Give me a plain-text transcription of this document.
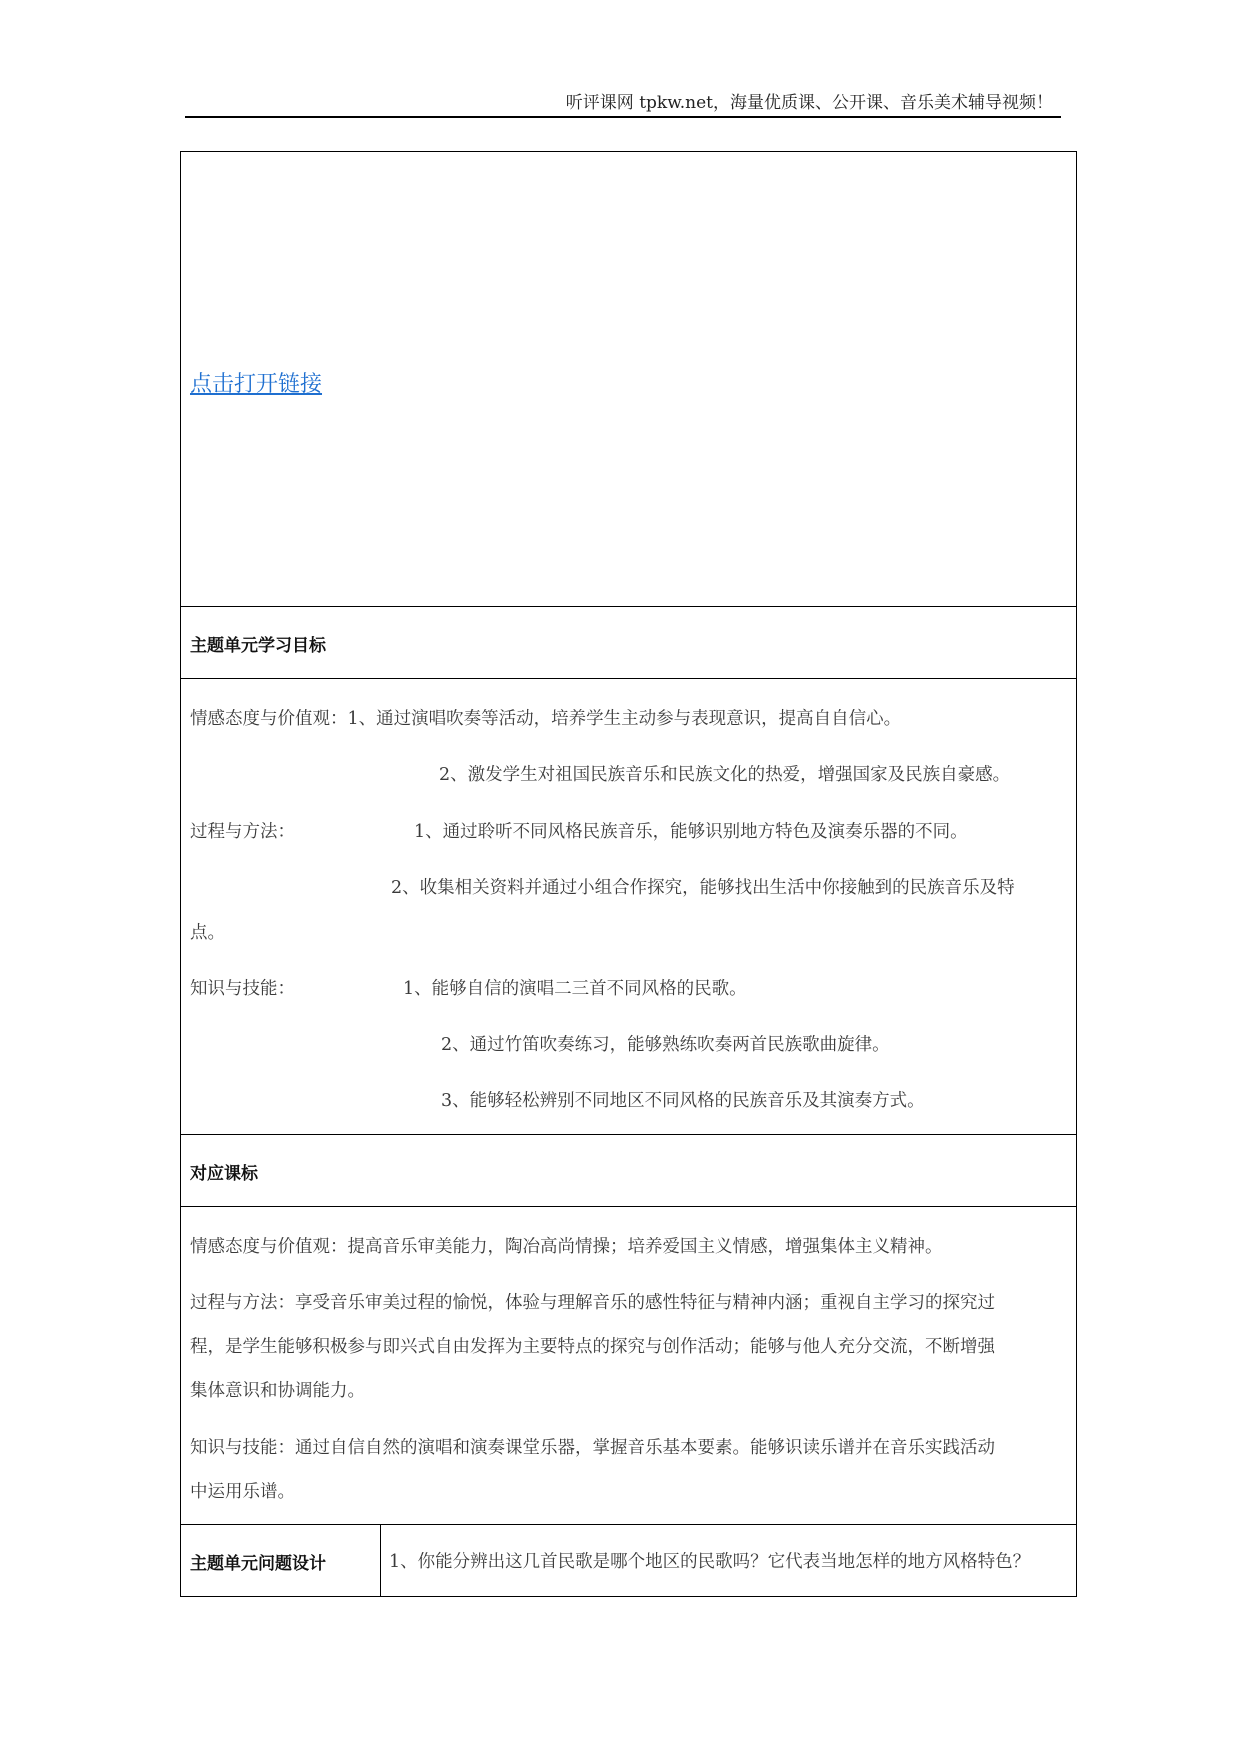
听评课网 tpkw.net，海量优质课、公开课、音乐美术辅导视频！
点击打开链接
主题单元学习目标
情感态度与价值观：1、通过演唱吹奏等活动，培养学生主动参与表现意识，提高自自信心。
2、激发学生对祖国民族音乐和民族文化的热爱，增强国家及民族自豪感。
过程与方法：	1、通过聆听不同风格民族音乐，能够识别地方特色及演奏乐器的不同。
2、收集相关资料并通过小组合作探究，能够找出生活中你接触到的民族音乐及特
点。
知识与技能：	1、能够自信的演唱二三首不同风格的民歌。
2、通过竹笛吹奏练习，能够熟练吹奏两首民族歌曲旋律。
3、能够轻松辨别不同地区不同风格的民族音乐及其演奏方式。
对应课标
情感态度与价值观：提高音乐审美能力，陶冶高尚情操；培养爱国主义情感，增强集体主义精神。
过程与方法：享受音乐审美过程的愉悦，体验与理解音乐的感性特征与精神内涵；重视自主学习的探究过
程，是学生能够积极参与即兴式自由发挥为主要特点的探究与创作活动；能够与他人充分交流，不断增强
集体意识和协调能力。
知识与技能：通过自信自然的演唱和演奏课堂乐器，掌握音乐基本要素。能够识读乐谱并在音乐实践活动
中运用乐谱。
主题单元问题设计	1、你能分辨出这几首民歌是哪个地区的民歌吗？它代表当地怎样的地方风格特色？
